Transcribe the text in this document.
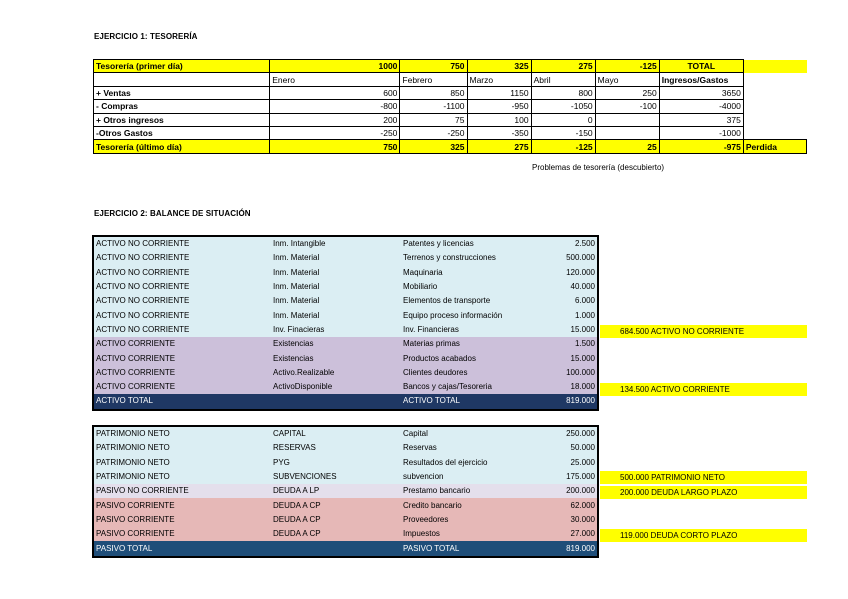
EJERCICIO 1: TESORERÍA
Tesorería (primer día)	1000	750	325	275	-125	TOTAL	
	Enero	Febrero	Marzo	Abril	Mayo	Ingresos/Gastos	
+ Ventas	600	850	1150	800	250	3650	
- Compras	-800	-1100	-950	-1050	-100	-4000	
+ Otros ingresos	200	75	100	0		375	
-Otros Gastos	-250	-250	-350	-150		-1000	
Tesorería (último día)	750	325	275	-125	25	-975	Perdida
Problemas de tesorería (descubierto)
EJERCICIO 2: BALANCE DE SITUACIÓN
ACTIVO NO CORRIENTE	Inm. Intangible	Patentes y licencias	2.500
ACTIVO NO CORRIENTE	Inm. Material	Terrenos y construcciones	500.000
ACTIVO NO CORRIENTE	Inm. Material	Maquinaria	120.000
ACTIVO NO CORRIENTE	Inm. Material	Mobiliario	40.000
ACTIVO NO CORRIENTE	Inm. Material	Elementos de transporte	6.000
ACTIVO NO CORRIENTE	Inm. Material	Equipo proceso información	1.000
ACTIVO NO CORRIENTE	Inv. Finacieras	Inv. Financieras	15.000
ACTIVO CORRIENTE	Existencias	Materias primas	1.500
ACTIVO CORRIENTE	Existencias	Productos acabados	15.000
ACTIVO CORRIENTE	Activo.Realizable	Clientes deudores	100.000
ACTIVO CORRIENTE	ActivoDisponible	Bancos y cajas/Tesoreria	18.000
ACTIVO TOTAL		ACTIVO TOTAL	819.000
PATRIMONIO NETO	CAPITAL	Capital	250.000
PATRIMONIO NETO	RESERVAS	Reservas	50.000
PATRIMONIO NETO	PYG	Resultados del ejercicio	25.000
PATRIMONIO NETO	SUBVENCIONES	subvencion	175.000
PASIVO NO CORRIENTE	DEUDA A LP	Prestamo bancario	200.000
PASIVO CORRIENTE	DEUDA A CP	Credito bancario	62.000
PASIVO CORRIENTE	DEUDA A CP	Proveedores	30.000
PASIVO CORRIENTE	DEUDA A CP	Impuestos	27.000
PASIVO TOTAL		PASIVO TOTAL	819.000
684.500 ACTIVO NO CORRIENTE
134.500 ACTIVO CORRIENTE
500.000 PATRIMONIO NETO
200.000 DEUDA LARGO PLAZO
119.000 DEUDA CORTO PLAZO
